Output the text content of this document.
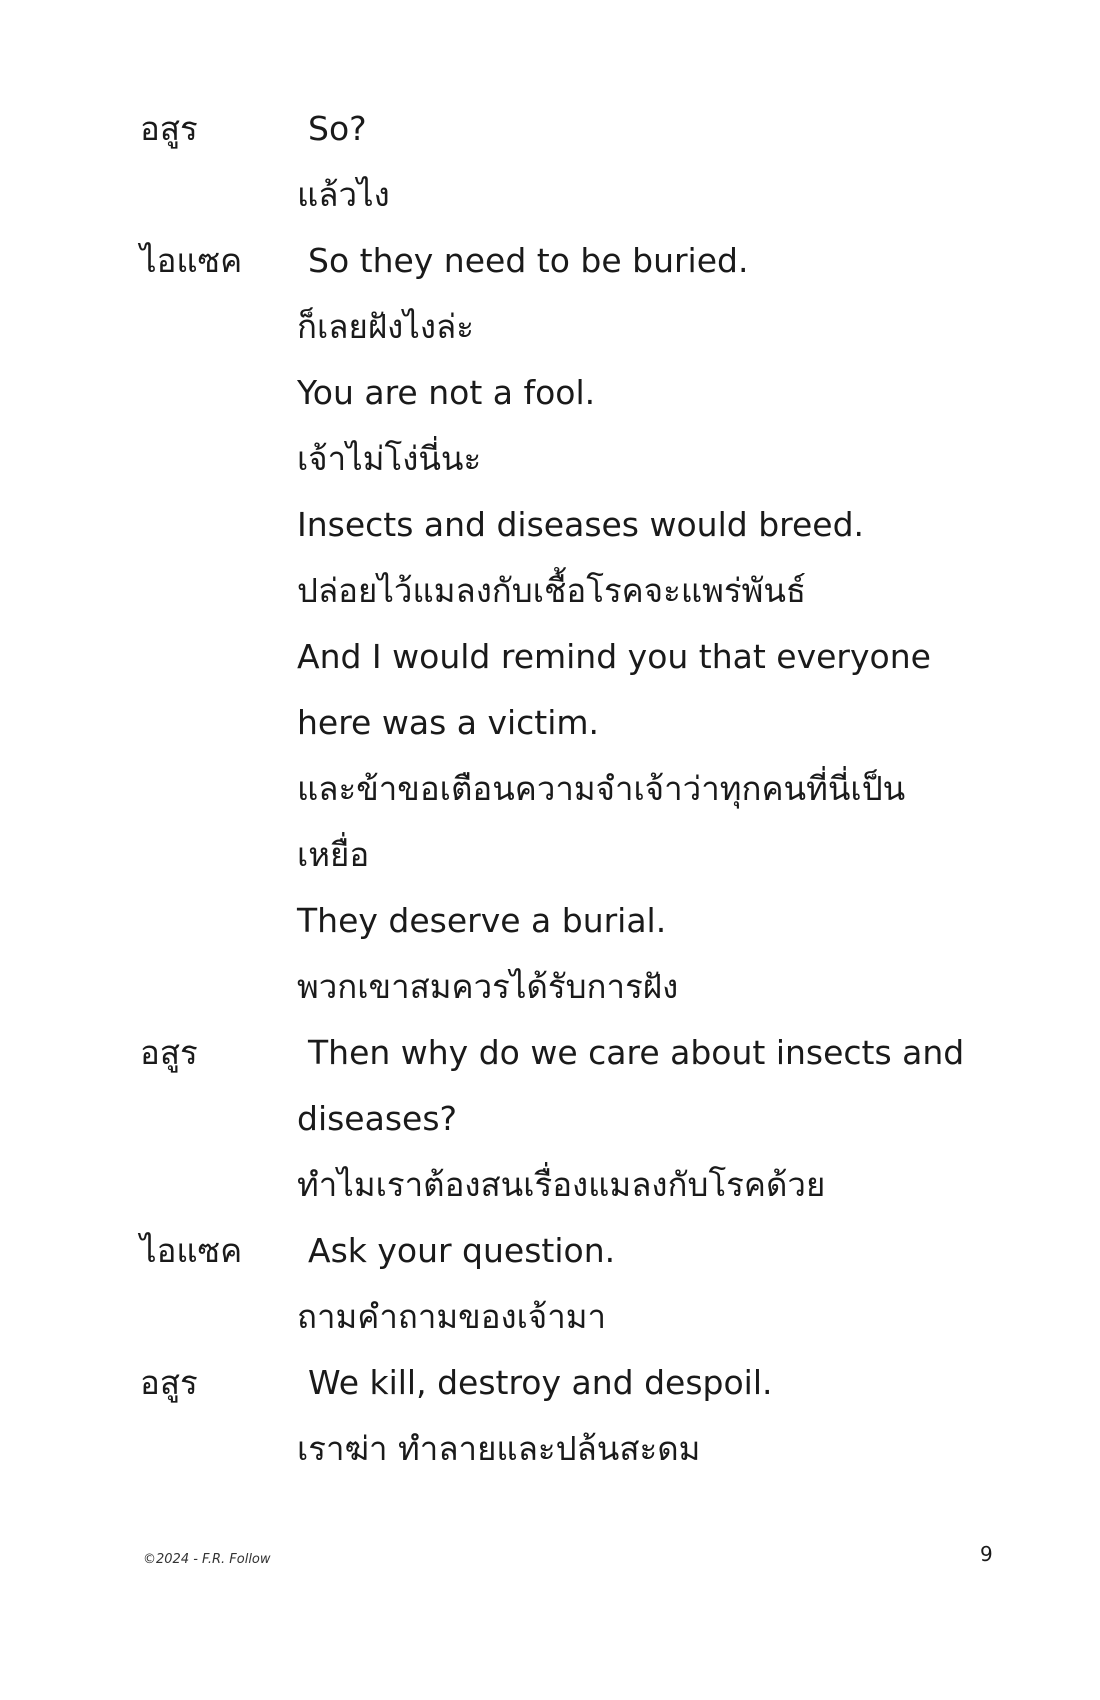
อสูร	So?
แล้วไง
ไอแซค	So they need to be buried.
ก็เลยฝังไงล่ะ
You are not a fool.
เจ้าไม่โง่นี่นะ
Insects and diseases would breed.
ปล่อยไว้แมลงกับเชื้อโรคจะแพร่พันธ์
And I would remind you that everyone
here was a victim.
และข้าขอเตือนความจำเจ้าว่าทุกคนที่นี่เป็น
เหยื่อ
They deserve a burial.
พวกเขาสมควรได้รับการฝัง
อสูร	Then why do we care about insects and
diseases?
ทำไมเราต้องสนเรื่องแมลงกับโรคด้วย
ไอแซค	Ask your question.
ถามคำถามของเจ้ามา
อสูร	We kill, destroy and despoil.
เราฆ่า ทำลายและปล้นสะดม
©2024 - F.R. Follow	9
